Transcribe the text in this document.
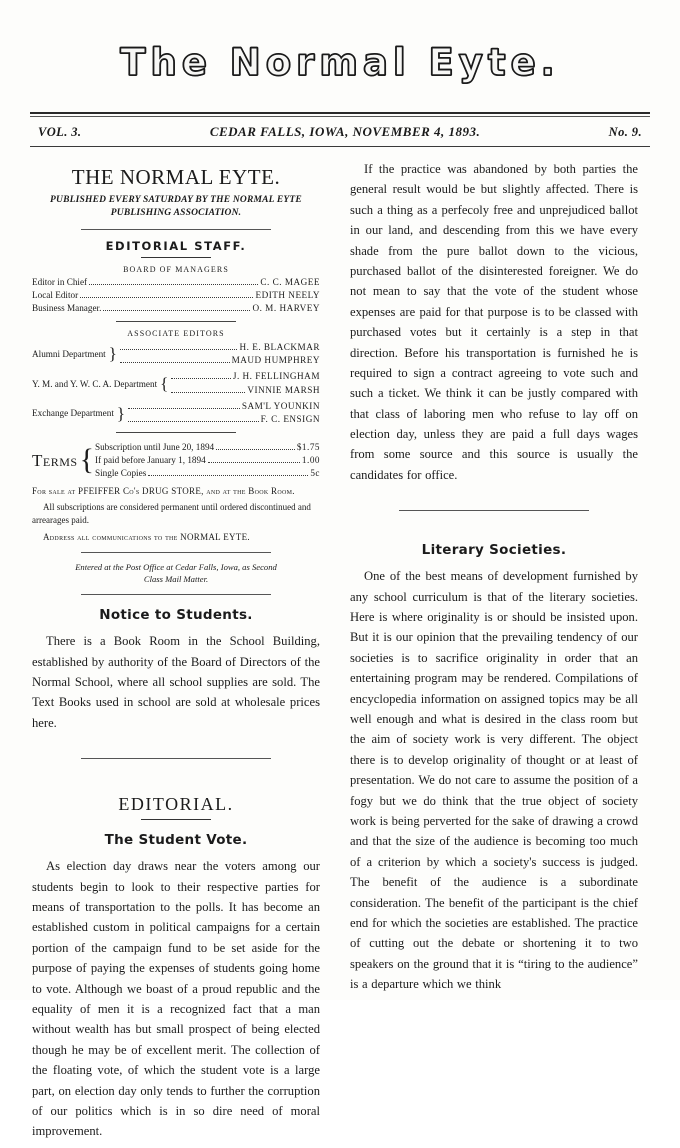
The Normal Eyte.
VOL. 3.	CEDAR FALLS, IOWA, NOVEMBER 4, 1893.	No. 9.
THE NORMAL EYTE.
PUBLISHED EVERY SATURDAY BY THE NORMAL EYTE
PUBLISHING ASSOCIATION.
EDITORIAL STAFF.
BOARD OF MANAGERS
Editor in Chief	C. C. MAGEE
Local Editor	EDITH NEELY
Business Manager.	O. M. HARVEY
ASSOCIATE EDITORS
Alumni Department }	H. E. BLACKMAR
MAUD HUMPHREY
Y. M. and Y. W. C. A. Department {	J. H. FELLINGHAM
VINNIE MARSH
Exchange Department }	SAM'L YOUNKIN
F. C. ENSIGN
Terms { Subscription until June 20, 1894	$1.75
If paid before January 1, 1894	1.00
Single Copies	5c
For sale at PFEIFFER Co's DRUG STORE, and at the Book Room.
All subscriptions are considered permanent until ordered discontinued and arrearages paid.
Address all communications to the NORMAL EYTE.
Entered at the Post Office at Cedar Falls, Iowa, as Second
Class Mail Matter.
Notice to Students.

There is a Book Room in the School Building, established by authority of the Board of Directors of the Normal School, where all school supplies are sold. The Text Books used in school are sold at wholesale prices here.

EDITORIAL.
The Student Vote.

As election day draws near the voters among our students begin to look to their respective parties for means of transportation to the polls. It has become an established custom in political campaigns for a certain portion of the campaign fund to be set aside for the purpose of paying the expenses of students going home to vote. Although we boast of a proud republic and the equality of men it is a recognized fact that a man without wealth has but small prospect of being elected though he may be of excellent merit. The collection of the floating vote, of which the student vote is a large part, on election day only tends to further the corruption of our politics which is in so dire need of moral improvement.

If the practice was abandoned by both parties the general result would be but slightly affected. There is such a thing as a perfecoly free and unprejudiced ballot in our land, and descending from this we have every shade from the pure ballot down to the vicious, purchased ballot of the disinterested foreigner. We do not mean to say that the vote of the student whose expenses are paid for that purpose is to be classed with purchased votes but it certainly is a step in that direction. Before his transportation is furnished he is required to sign a contract agreeing to vote such and such a ticket. We think it can be justly compared with that class of laboring men who refuse to lay off on election day, unless they are paid a full days wages from some source and this source is usually the candidates for office.

Literary Societies.

One of the best means of development furnished by any school curriculum is that of the literary societies. Here is where originality is or should be insisted upon. But it is our opinion that the prevailing tendency of our societies is to sacrifice originality in order that an entertaining program may be rendered. Compilations of encyclopedia information on assigned topics may be all well enough and what is desired in the class room but the aim of society work is very different. The object there is to develop originality of thought or at least of presentation. We do not care to assume the position of a fogy but we do think that the true object of society work is being perverted for the sake of drawing a crowd and that the size of the audience is becoming too much of a criterion by which a society's success is judged. The benefit of the audience is a subordinate consideration. The benefit of the participant is the chief end for which the societies are established. The practice of cutting out the debate or shortening it to two speakers on the ground that it is “tiring to the audience” is a departure which we think
